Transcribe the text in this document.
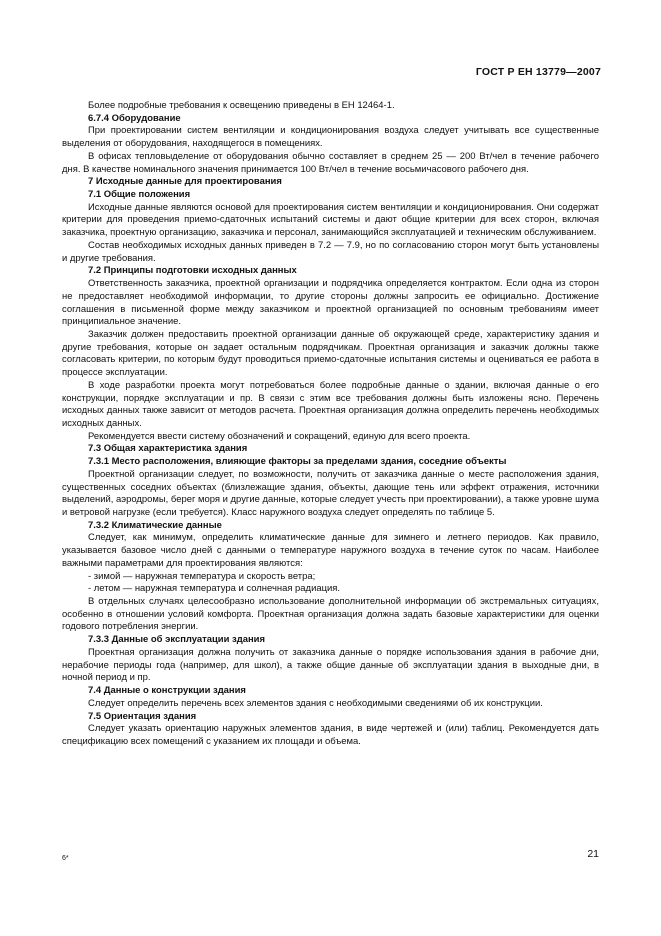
ГОСТ Р ЕН 13779—2007

Более подробные требования к освещению приведены в ЕН 12464-1.

6.7.4 Оборудование

При проектировании систем вентиляции и кондиционирования воздуха следует учитывать все существенные выделения от оборудования, находящегося в помещениях.

В офисах тепловыделение от оборудования обычно составляет в среднем 25 — 200 Вт/чел в течение рабочего дня. В качестве номинального значения принимается 100 Вт/чел в течение восьмичасового рабочего дня.

7 Исходные данные для проектирования

7.1 Общие положения

Исходные данные являются основой для проектирования систем вентиляции и кондиционирования. Они содержат критерии для проведения приемо-сдаточных испытаний системы и дают общие критерии для всех сторон, включая заказчика, проектную организацию, заказчика и персонал, занимающийся эксплуатацией и техническим обслуживанием.

Состав необходимых исходных данных приведен в 7.2 — 7.9, но по согласованию сторон могут быть установлены и другие требования.

7.2 Принципы подготовки исходных данных

Ответственность заказчика, проектной организации и подрядчика определяется контрактом. Если одна из сторон не предоставляет необходимой информации, то другие стороны должны запросить ее официально. Достижение соглашения в письменной форме между заказчиком и проектной организацией по основным требованиям имеет принципиальное значение.

Заказчик должен предоставить проектной организации данные об окружающей среде, характеристику здания и другие требования, которые он задает остальным подрядчикам. Проектная организация и заказчик должны также согласовать критерии, по которым будут проводиться приемо-сдаточные испытания системы и оцениваться ее работа в процессе эксплуатации.

В ходе разработки проекта могут потребоваться более подробные данные о здании, включая данные о его конструкции, порядке эксплуатации и пр. В связи с этим все требования должны быть изложены ясно. Перечень исходных данных также зависит от методов расчета. Проектная организация должна определить перечень необходимых исходных данных.

Рекомендуется ввести систему обозначений и сокращений, единую для всего проекта.

7.3 Общая характеристика здания

7.3.1 Место расположения, влияющие факторы за пределами здания, соседние объекты

Проектной организации следует, по возможности, получить от заказчика данные о месте расположения здания, существенных соседних объектах (близлежащие здания, объекты, дающие тень или эффект отражения, источники выделений, аэродромы, берег моря и другие данные, которые следует учесть при проектировании), а также уровне шума и ветровой нагрузке (если требуется). Класс наружного воздуха следует определять по таблице 5.

7.3.2 Климатические данные

Следует, как минимум, определить климатические данные для зимнего и летнего периодов. Как правило, указывается базовое число дней с данными о температуре наружного воздуха в течение суток по часам. Наиболее важными параметрами для проектирования являются:

- зимой — наружная температура и скорость ветра;

- летом — наружная температура и солнечная радиация.

В отдельных случаях целесообразно использование дополнительной информации об экстремальных ситуациях, особенно в отношении условий комфорта. Проектная организация должна задать базовые характеристики для оценки годового потребления энергии.

7.3.3 Данные об эксплуатации здания

Проектная организация должна получить от заказчика данные о порядке использования здания в рабочие дни, нерабочие периоды года (например, для школ), а также общие данные об эксплуатации здания в выходные дни, в ночной период и пр.

7.4 Данные о конструкции здания

Следует определить перечень всех элементов здания с необходимыми сведениями об их конструкции.

7.5 Ориентация здания

Следует указать ориентацию наружных элементов здания, в виде чертежей и (или) таблиц. Рекомендуется дать спецификацию всех помещений с указанием их площади и объема.

6*	21
